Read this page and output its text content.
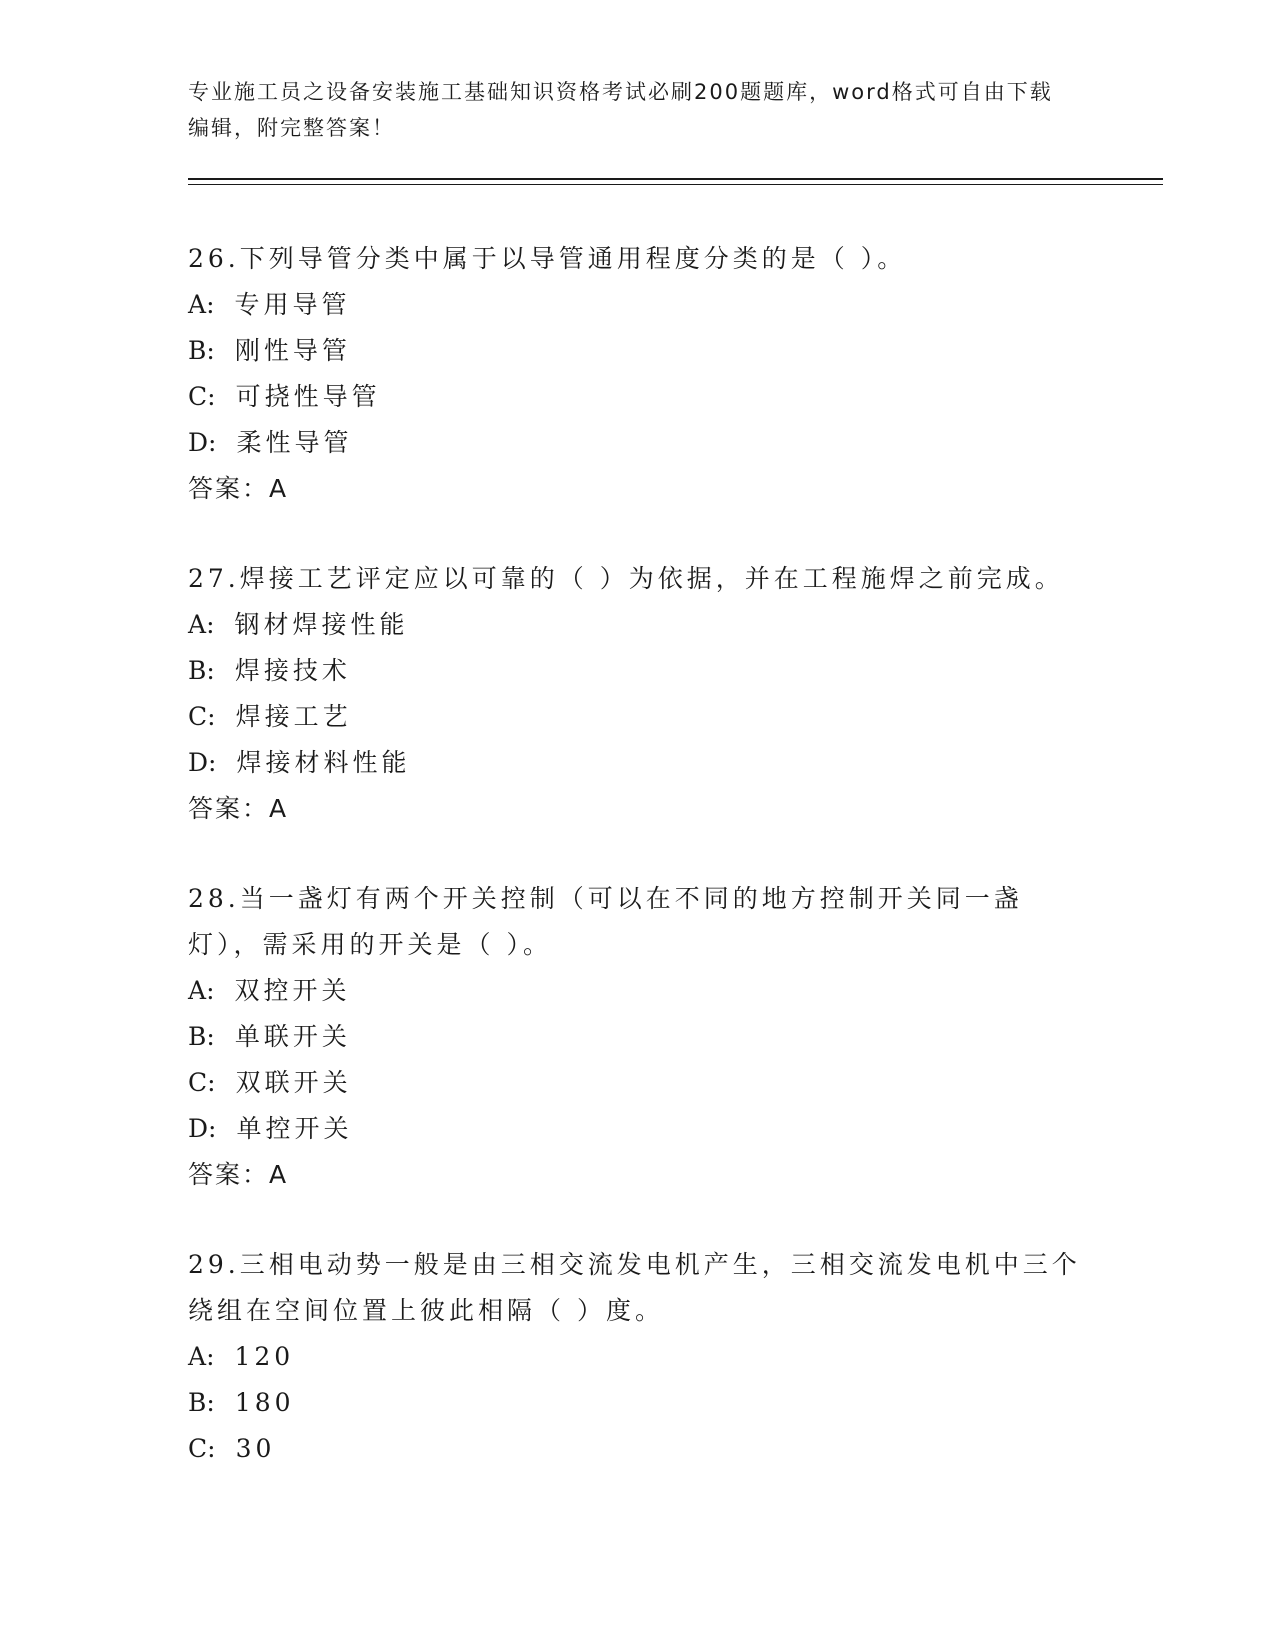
专业施工员之设备安装施工基础知识资格考试必刷200题题库，word格式可自由下载编辑，附完整答案！
26.下列导管分类中属于以导管通用程度分类的是（ ）。
A: 专用导管
B: 刚性导管
C: 可挠性导管
D: 柔性导管
答案：A
27.焊接工艺评定应以可靠的（ ）为依据，并在工程施焊之前完成。
A: 钢材焊接性能
B: 焊接技术
C: 焊接工艺
D: 焊接材料性能
答案：A
28.当一盏灯有两个开关控制（可以在不同的地方控制开关同一盏灯），需采用的开关是（ ）。
A: 双控开关
B: 单联开关
C: 双联开关
D: 单控开关
答案：A
29.三相电动势一般是由三相交流发电机产生，三相交流发电机中三个绕组在空间位置上彼此相隔（ ）度。
A: 120
B: 180
C: 30
